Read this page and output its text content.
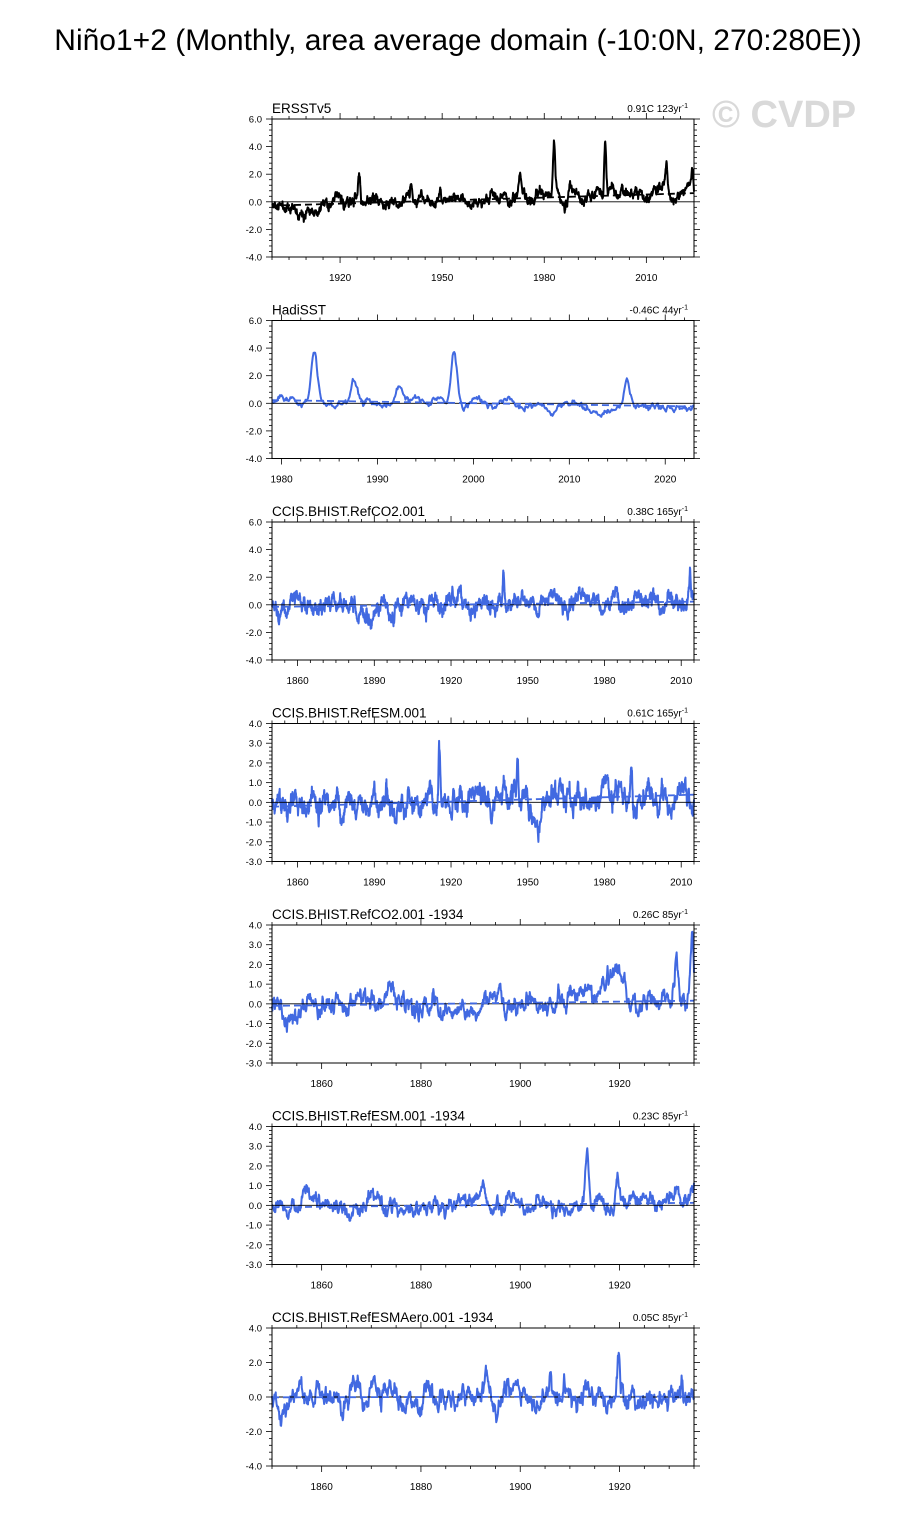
Niño1+2 (Monthly, area average domain (-10:0N, 270:280E))
© CVDP
ERSSTv5	0.91C $123yr^{-1}$
-4.0
-2.0
0.0
2.0
4.0
6.0
1920	1950	1980	2010
HadiSST	-0.46C $44yr^{-1}$
-4.0
-2.0
0.0
2.0
4.0
6.0
1980	1990	2000	2010	2020
CCIS.BHIST.RefCO2.001	0.38C $165yr^{-1}$
-4.0
-2.0
0.0
2.0
4.0
6.0
1860	1890	1920	1950	1980	2010
CCIS.BHIST.RefESM.001	0.61C $165yr^{-1}$
-3.0
-2.0
-1.0
0.0
1.0
2.0
3.0
4.0
1860	1890	1920	1950	1980	2010
CCIS.BHIST.RefCO2.001 -1934	0.26C $85yr^{-1}$
-3.0
-2.0
-1.0
0.0
1.0
2.0
3.0
4.0
1860	1880	1900	1920
CCIS.BHIST.RefESM.001 -1934	0.23C $85yr^{-1}$
-3.0
-2.0
-1.0
0.0
1.0
2.0
3.0
4.0
1860	1880	1900	1920
CCIS.BHIST.RefESMAero.001 -1934	0.05C $85yr^{-1}$
-4.0
-2.0
0.0
2.0
4.0
1860	1880	1900	1920
